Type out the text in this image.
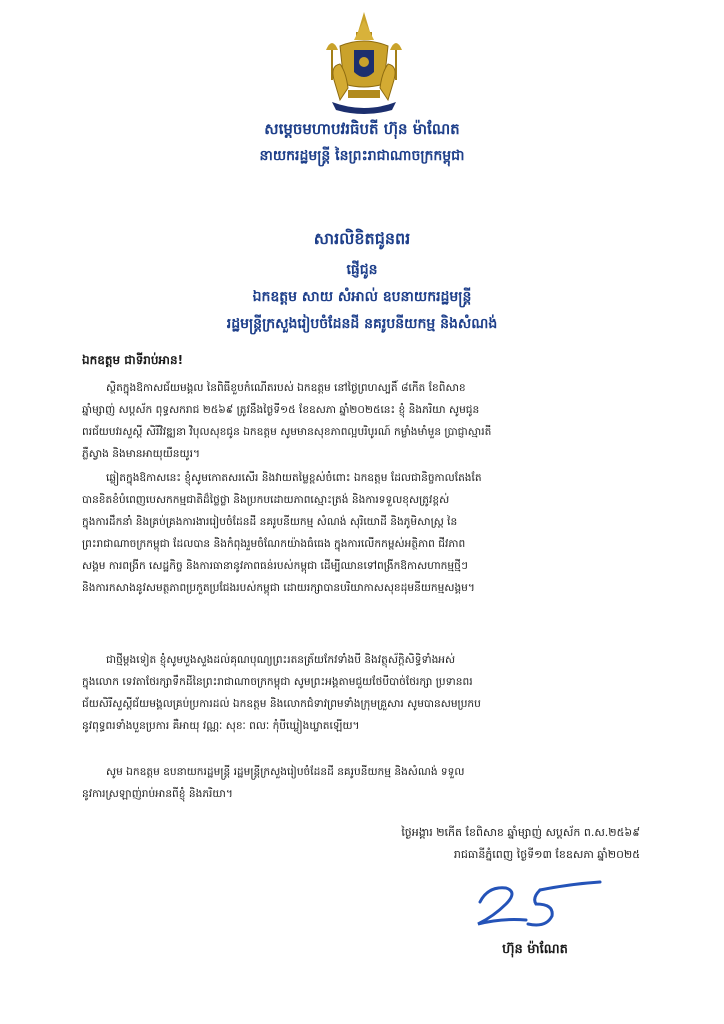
សម្តេចមហាបវរធិបតី ហ៊ុន ម៉ាណែត
នាយករដ្ឋមន្ត្រី នៃព្រះរាជាណាចក្រកម្ពុជា
សារលិខិតជូនពរ
ផ្ញើជូន
ឯកឧត្តម សាយ សំអាល់ ឧបនាយករដ្ឋមន្ត្រី
រដ្ឋមន្ត្រីក្រសួងរៀបចំដែនដី នគរូបនីយកម្ម និងសំណង់
ឯកឧត្តម ជាទីរាប់អាន!
ស្ថិតក្នុងឱកាសជ័យមង្គល នៃពិធីខួបកំណើតរបស់ ឯកឧត្តម នៅថ្ងៃព្រហស្បតិ៍ ៨កើត ខែពិសាខ
ឆ្នាំម្សាញ់ សប្តស័ក ពុទ្ធសករាជ ២៥៦៩ ត្រូវនឹងថ្ងៃទី១៥ ខែឧសភា ឆ្នាំ២០២៥នេះ ខ្ញុំ និងភរិយា សូមជូន
ពរជ័យបវរសួស្តី សិរីវិវឌ្ឍនា វិបុលសុខជូន ឯកឧត្តម សូមមានសុខភាពល្អបរិបូរណ៍ កម្លាំងមាំមួន ប្រាជ្ញាស្មារតី
ភ្លឺស្វាង និងមានអាយុយឺនយូរ។
ឆ្លៀតក្នុងឱកាសនេះ ខ្ញុំសូមកោតសរសើរ និងវាយតម្លៃខ្ពស់ចំពោះ ឯកឧត្តម ដែលជានិច្ចកាលតែងតែ
បានខិតខំបំពេញបេសកកម្មជាតិដ៏ថ្លៃថ្លា និងប្រកបដោយភាពស្មោះត្រង់ និងការទទួលខុសត្រូវខ្ពស់
ក្នុងការដឹកនាំ និងគ្រប់គ្រងការងាររៀបចំដែនដី នគរូបនីយកម្ម សំណង់ សុរិយោដី និងភូមិសាស្ត្រ នៃ
ព្រះរាជាណាចក្រកម្ពុជា ដែលបាន និងកំពុងរួមចំណែកយ៉ាងធំធេង ក្នុងការលើកកម្ពស់អត្ថិភាព ជីវភាព
សង្គម ការពង្រីក សេដ្ឋកិច្ច និងការធានានូវភាពធន់របស់កម្ពុជា ដើម្បីឈានទៅពង្រីកឱកាសហាកម្មថ្មីៗ
និងការកសាងនូវសមត្ថភាពប្រកួតប្រជែងរបស់កម្ពុជា ដោយរក្សាបានបរិយាកាសសុខដុមនីយកម្មសង្គម។
ជាថ្មីម្តងទៀត ខ្ញុំសូមបួងសួងដល់គុណបុណ្យព្រះរតនត្រ័យកែវទាំងបី និងវត្ថុស័ក្តិសិទ្ធិទាំងអស់
ក្នុងលោក ទេវតាថែរក្សាទឹកដីនៃព្រះរាជាណាចក្រកម្ពុជា សូមព្រះអង្គតាមជួយថែបីបាច់ថែរក្សា ប្រទានពរ
ជ័យសិរីសួស្តីជ័យមង្គលគ្រប់ប្រការដល់ ឯកឧត្តម និងលោកជំទាវព្រមទាំងក្រុមគ្រួសារ សូមបានសមប្រកប
នូវពុទ្ធពរទាំងបួនប្រការ គឺអាយុ វណ្ណៈ សុខៈ ពលៈ កុំបីឃ្លៀងឃ្លាតឡើយ។
សូម ឯកឧត្តម ឧបនាយករដ្ឋមន្ត្រី រដ្ឋមន្ត្រីក្រសួងរៀបចំដែនដី នគរូបនីយកម្ម និងសំណង់ ទទួល
នូវការស្រឡាញ់រាប់អានពីខ្ញុំ និងភរិយា។
ថ្ងៃអង្គារ ២កើត ខែពិសាខ ឆ្នាំម្សាញ់ សប្តស័ក ព.ស.២៥៦៩
រាជធានីភ្នំពេញ ថ្ងៃទី១៣ ខែឧសភា ឆ្នាំ២០២៥
ហ៊ុន ម៉ាណែត
